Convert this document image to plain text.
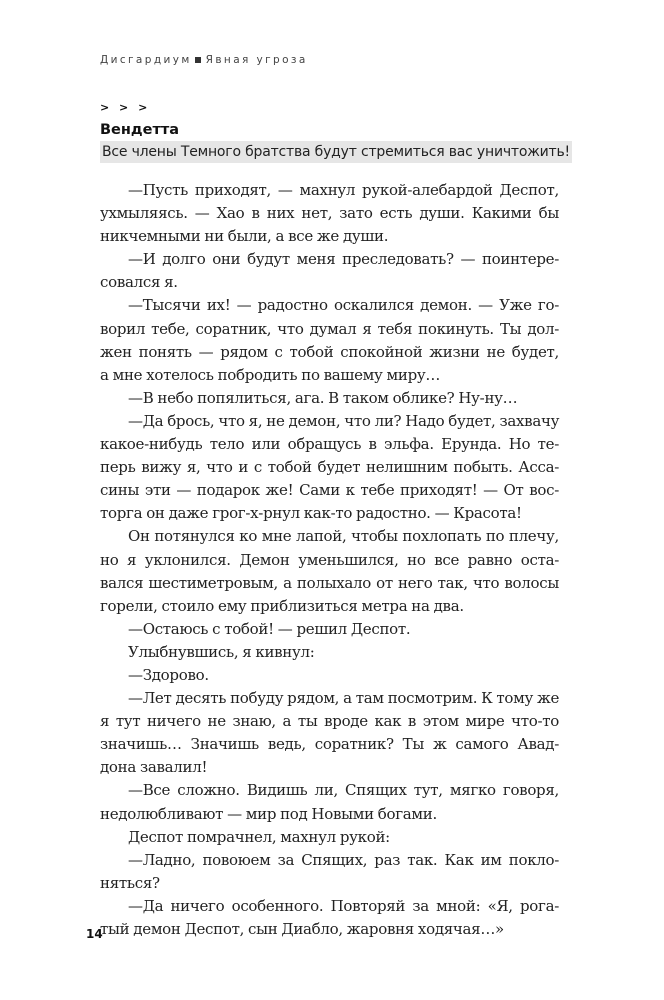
Дисгардиум Явная угроза
> > >
Вендетта
Все члены Темного братства будут стремиться вас уничтожить!
—Пусть приходят, — махнул рукой-алебардой Деспот,
ухмыляясь. — Хао в них нет, зато есть души. Какими бы
никчемными ни были, а все же души.
—И долго они будут меня преследовать? — поинтере-
совался я.
—Тысячи их! — радостно оскалился демон. — Уже го-
ворил тебе, соратник, что думал я тебя покинуть. Ты дол-
жен понять — рядом с тобой спокойной жизни не будет,
а мне хотелось побродить по вашему миру…
—В небо попялиться, ага. В таком облике? Ну-ну…
—Да брось, что я, не демон, что ли? Надо будет, захвачу
какое-нибудь тело или обращусь в эльфа. Ерунда. Но те-
перь вижу я, что и с тобой будет нелишним побыть. Асса-
сины эти — подарок же! Сами к тебе приходят! — От вос-
торга он даже грог-х-рнул как-то радостно. — Красота!
Он потянулся ко мне лапой, чтобы похлопать по плечу,
но я уклонился. Демон уменьшился, но все равно оста-
вался шестиметровым, а полыхало от него так, что волосы
горели, стоило ему приблизиться метра на два.
—Остаюсь с тобой! — решил Деспот.
Улыбнувшись, я кивнул:
—Здорово.
—Лет десять побуду рядом, а там посмотрим. К тому же
я тут ничего не знаю, а ты вроде как в этом мире что-то
значишь… Значишь ведь, соратник? Ты ж самого Авад-
дона завалил!
—Все сложно. Видишь ли, Спящих тут, мягко говоря,
недолюбливают — мир под Новыми богами.
Деспот помрачнел, махнул рукой:
—Ладно, повоюем за Спящих, раз так. Как им покло-
няться?
—Да ничего особенного. Повторяй за мной: «Я, рога-
тый демон Деспот, сын Диабло, жаровня ходячая…»
14
